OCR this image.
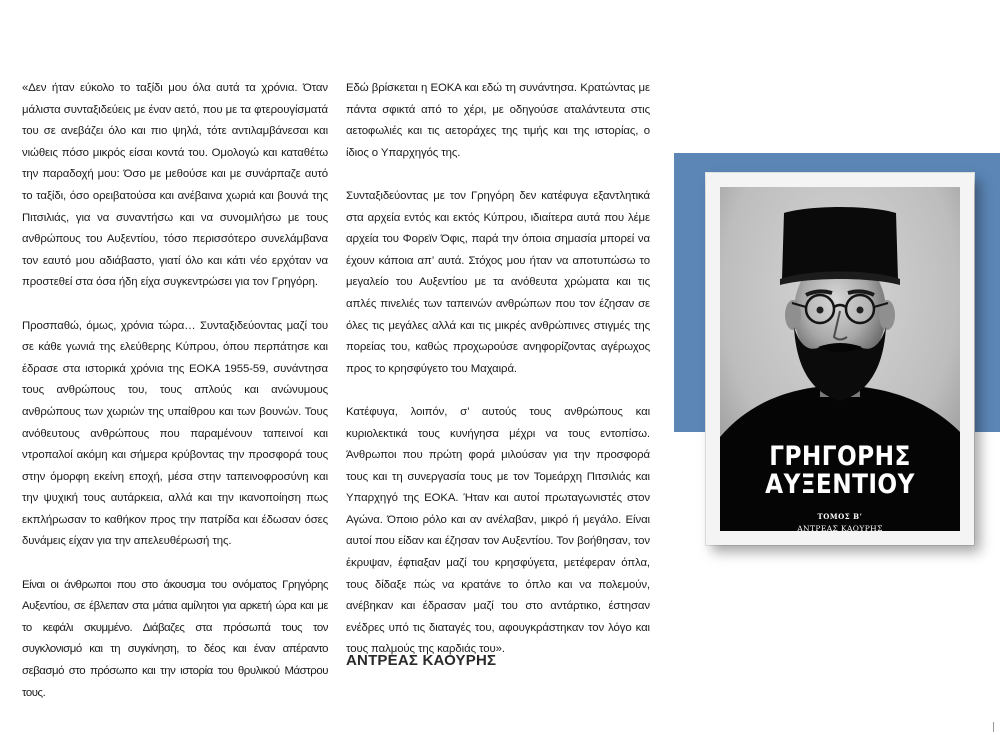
«Δεν ήταν εύκολο το ταξίδι μου όλα αυτά τα χρόνια. Όταν μάλιστα συνταξιδεύεις με έναν αετό, που με τα φτερουγίσματά του σε ανεβάζει όλο και πιο ψηλά, τότε αντιλαμβάνεσαι και νιώθεις πόσο μικρός είσαι κοντά του. Ομολογώ και καταθέτω την παραδοχή μου: Όσο με μεθούσε και με συνάρπαζε αυτό το ταξίδι, όσο ορειβατούσα και ανέβαινα χωριά και βουνά της Πιτσιλιάς, για να συναντήσω και να συνομιλήσω με τους ανθρώπους του Αυξεντίου, τόσο περισσότερο συνελάμβανα τον εαυτό μου αδιάβαστο, γιατί όλο και κάτι νέο ερχόταν να προστεθεί στα όσα ήδη είχα συγκεντρώσει για τον Γρηγόρη.

Προσπαθώ, όμως, χρόνια τώρα… Συνταξιδεύοντας μαζί του σε κάθε γωνιά της ελεύθερης Κύπρου, όπου περπάτησε και έδρασε στα ιστορικά χρόνια της ΕΟΚΑ 1955-59, συνάντησα τους ανθρώπους του, τους απλούς και ανώνυμους ανθρώπους των χωριών της υπαίθρου και των βουνών. Τους ανόθευτους ανθρώπους που παραμένουν ταπεινοί και ντροπαλοί ακόμη και σήμερα κρύβοντας την προσφορά τους στην όμορφη εκείνη εποχή, μέσα στην ταπεινοφροσύνη και την ψυχική τους αυτάρκεια, αλλά και την ικανοποίηση πως εκπλήρωσαν το καθήκον προς την πατρίδα και έδωσαν όσες δυνάμεις είχαν για την απελευθέρωσή της.

Είναι οι άνθρωποι που στο άκουσμα του ονόματος Γρηγόρης Αυξεντίου, σε έβλεπαν στα μάτια αμίλητοι για αρκετή ώρα και με το κεφάλι σκυμμένο. Διάβαζες στα πρόσωπά τους τον συγκλονισμό και τη συγκίνηση, το δέος και έναν απέραντο σεβασμό στο πρόσωπο και την ιστορία του θρυλικού Μάστρου τους.

Εδώ βρίσκεται η ΕΟΚΑ και εδώ τη συνάντησα. Κρατώντας με πάντα σφικτά από το χέρι, με οδηγούσε αταλάντευτα στις αετοφωλιές και τις αετοράχες της τιμής και της ιστορίας, ο ίδιος ο Υπαρχηγός της.

Συνταξιδεύοντας με τον Γρηγόρη δεν κατέφυγα εξαντλητικά στα αρχεία εντός και εκτός Κύπρου, ιδιαίτερα αυτά που λέμε αρχεία του Φορεϊν Όφις, παρά την όποια σημασία μπορεί να έχουν κάποια απ’ αυτά. Στόχος μου ήταν να αποτυπώσω το μεγαλείο του Αυξεντίου με τα ανόθευτα χρώματα και τις απλές πινελιές των ταπεινών ανθρώπων που τον έζησαν σε όλες τις μεγάλες αλλά και τις μικρές ανθρώπινες στιγμές της πορείας του, καθώς προχωρούσε ανηφορίζοντας αγέρωχος προς το κρησφύγετο του Μαχαιρά.

Κατέφυγα, λοιπόν, σ’ αυτούς τους ανθρώπους και κυριολεκτικά τους κυνήγησα μέχρι να τους εντοπίσω. Άνθρωποι που πρώτη φορά μιλούσαν για την προσφορά τους και τη συνεργασία τους με τον Τομεάρχη Πιτσιλιάς και Υπαρχηγό της ΕΟΚΑ. Ήταν και αυτοί πρωταγωνιστές στον Αγώνα. Όποιο ρόλο και αν ανέλαβαν, μικρό ή μεγάλο. Είναι αυτοί που είδαν και έζησαν τον Αυξεντίου. Τον βοήθησαν, τον έκρυψαν, έφτιαξαν μαζί του κρησφύγετα, μετέφεραν όπλα, τους δίδαξε πώς να κρατάνε το όπλο και να πολεμούν, ανέβηκαν και έδρασαν μαζί του στο αντάρτικο, έστησαν ενέδρες υπό τις διαταγές του, αφουγκράστηκαν τον λόγο και τους παλμούς της καρδιάς του».

ΑΝΤΡΕΑΣ ΚΑΟΥΡΗΣ
ΓΡΗΓΟΡΗΣ
ΑΥΞΕΝΤΙΟΥ
ΤΟΜΟΣ Β’
ΑΝΤΡΕΑΣ ΚΑΟΥΡΗΣ
